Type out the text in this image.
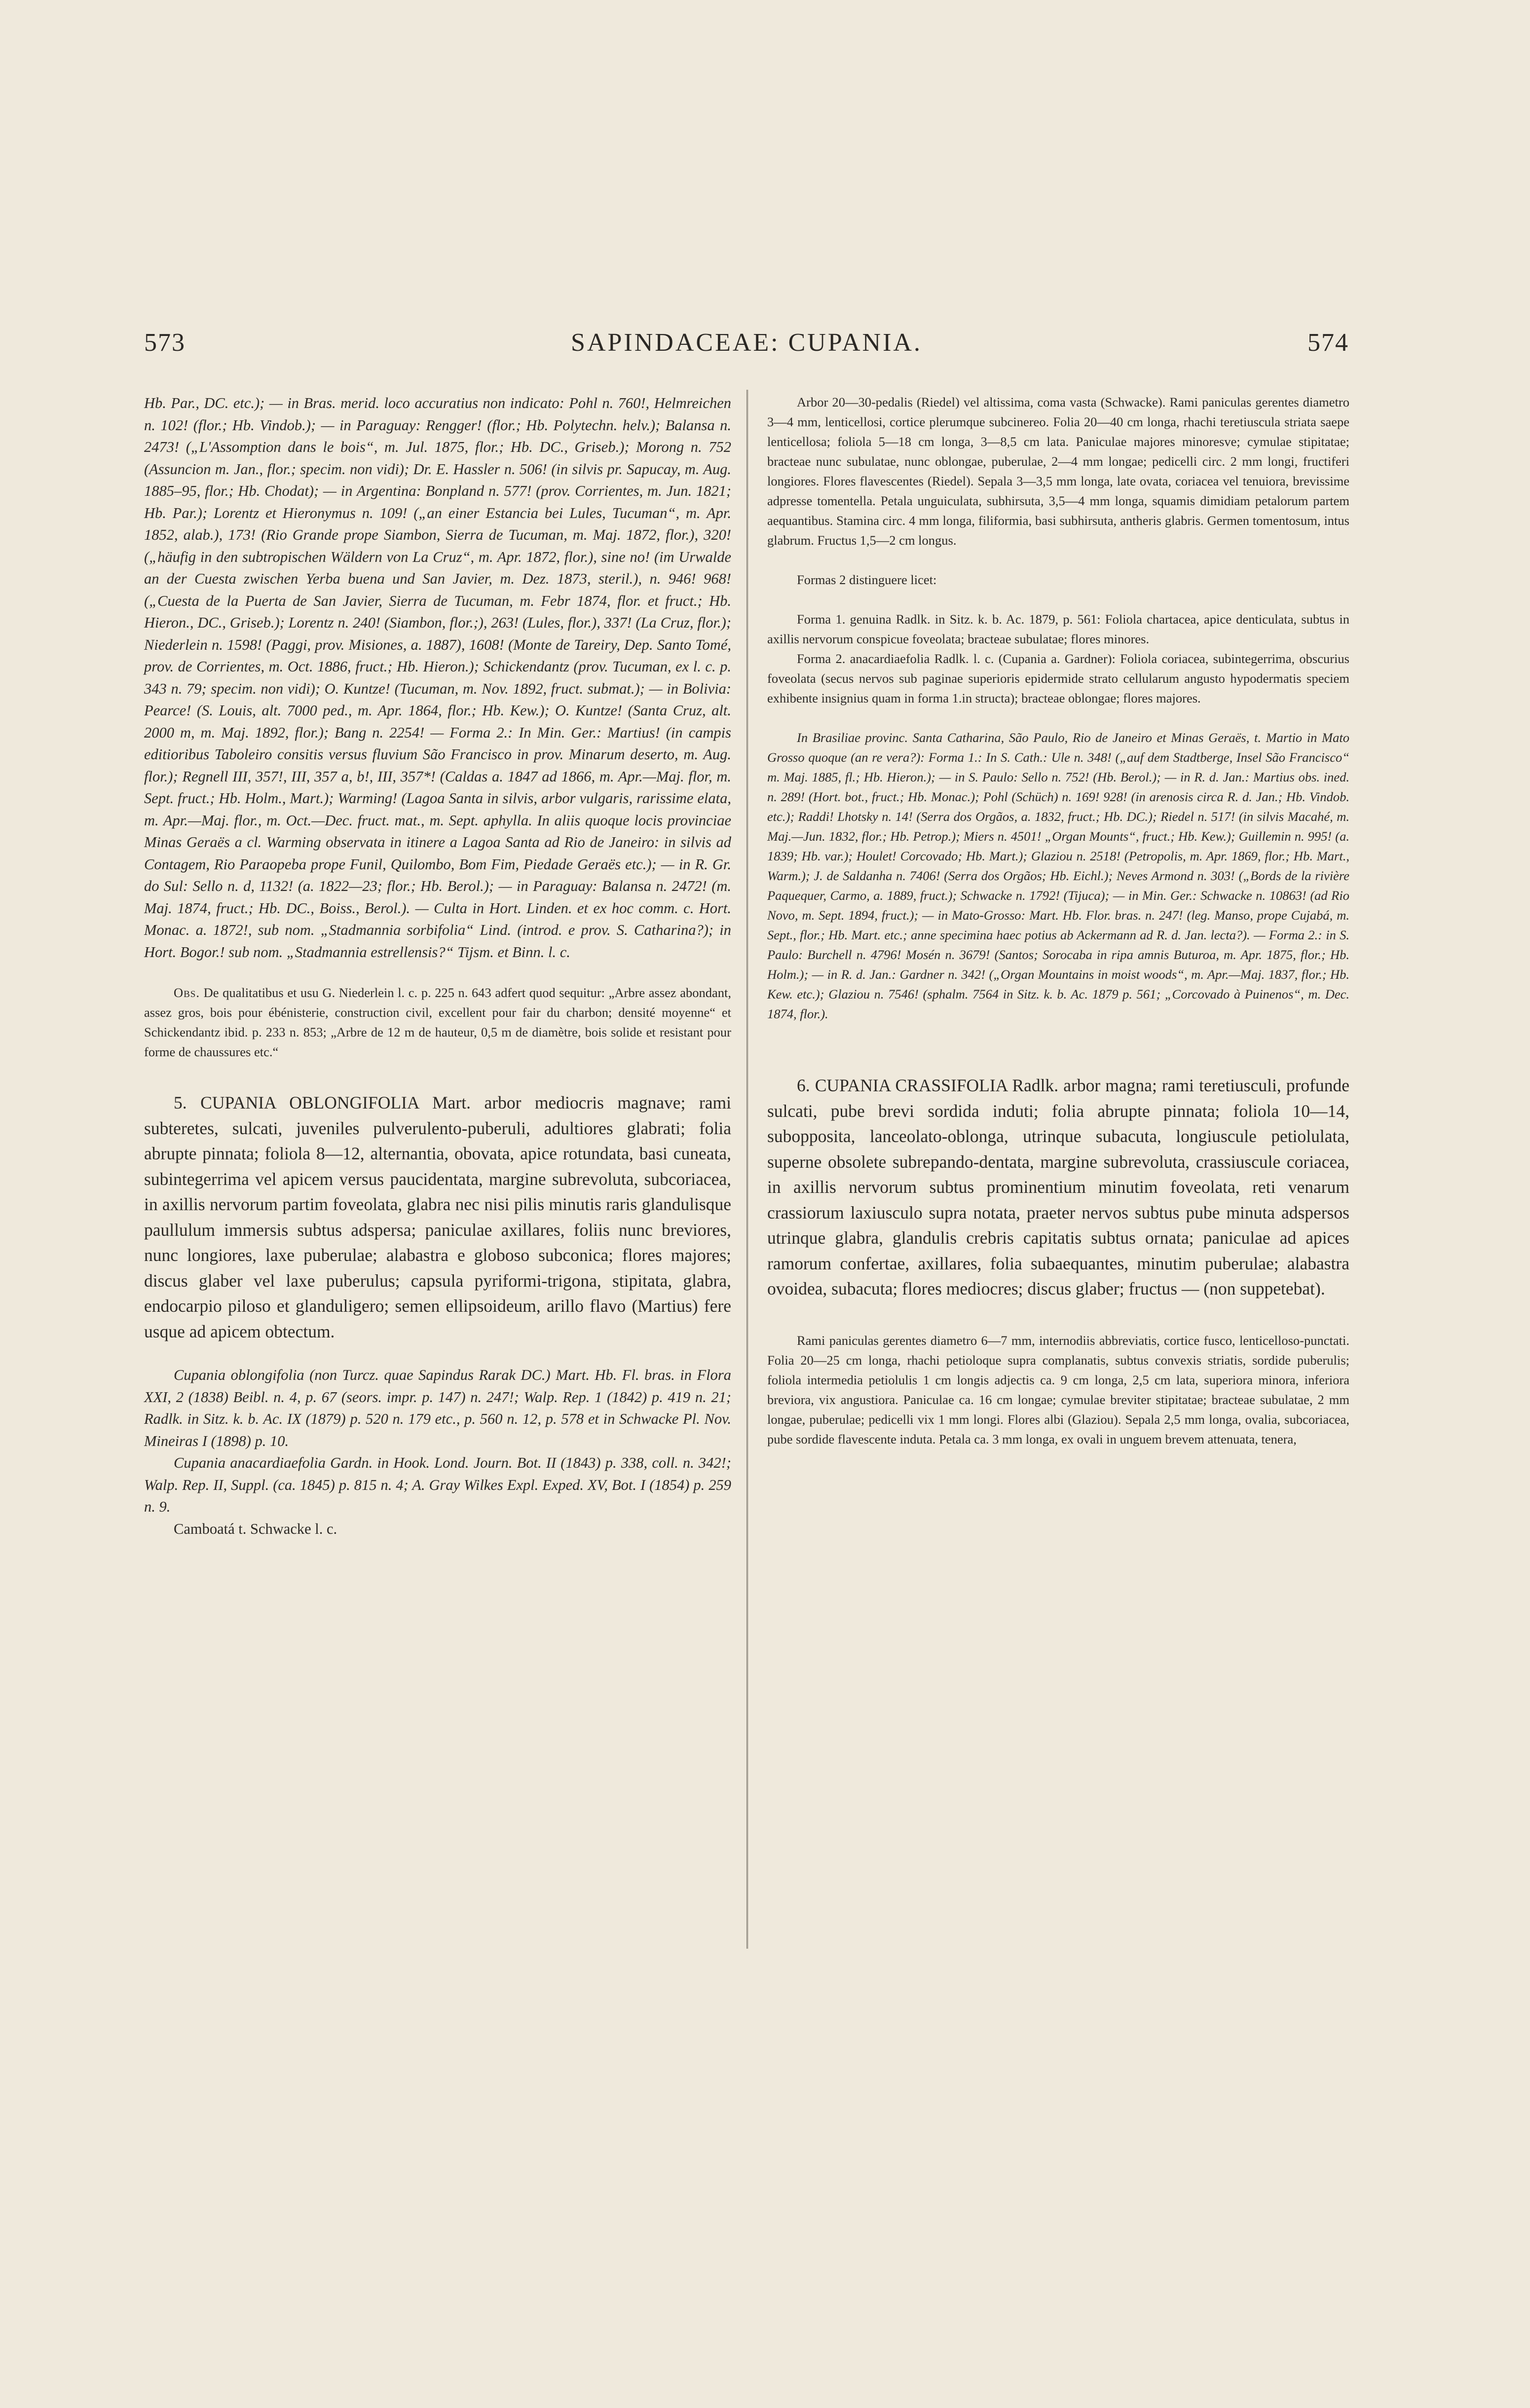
573	SAPINDACEAE: CUPANIA.	574

Hb. Par., DC. etc.); — in Bras. merid. loco accuratius non indicato: Pohl n. 760!, Helmreichen n. 102! (flor.; Hb. Vindob.); — in Paraguay: Rengger! (flor.; Hb. Polytechn. helv.); Balansa n. 2473! („L'Assomption dans le bois“, m. Jul. 1875, flor.; Hb. DC., Griseb.); Morong n. 752 (Assuncion m. Jan., flor.; specim. non vidi); Dr. E. Hassler n. 506! (in silvis pr. Sapucay, m. Aug. 1885–95, flor.; Hb. Chodat); — in Argentina: Bonpland n. 577! (prov. Corrientes, m. Jun. 1821; Hb. Par.); Lorentz et Hieronymus n. 109! („an einer Estancia bei Lules, Tucuman“, m. Apr. 1852, alab.), 173! (Rio Grande prope Siambon, Sierra de Tucuman, m. Maj. 1872, flor.), 320! („häufig in den subtropischen Wäldern von La Cruz“, m. Apr. 1872, flor.), sine no! (im Urwalde an der Cuesta zwischen Yerba buena und San Javier, m. Dez. 1873, steril.), n. 946! 968! („Cuesta de la Puerta de San Javier, Sierra de Tucuman, m. Febr 1874, flor. et fruct.; Hb. Hieron., DC., Griseb.); Lorentz n. 240! (Siambon, flor.;), 263! (Lules, flor.), 337! (La Cruz, flor.); Niederlein n. 1598! (Paggi, prov. Misiones, a. 1887), 1608! (Monte de Tareiry, Dep. Santo Tomé, prov. de Corrientes, m. Oct. 1886, fruct.; Hb. Hieron.); Schickendantz (prov. Tucuman, ex l. c. p. 343 n. 79; specim. non vidi); O. Kuntze! (Tucuman, m. Nov. 1892, fruct. submat.); — in Bolivia: Pearce! (S. Louis, alt. 7000 ped., m. Apr. 1864, flor.; Hb. Kew.); O. Kuntze! (Santa Cruz, alt. 2000 m, m. Maj. 1892, flor.); Bang n. 2254! — Forma 2.: In Min. Ger.: Martius! (in campis editioribus Taboleiro consitis versus fluvium São Francisco in prov. Minarum deserto, m. Aug. flor.); Regnell III, 357!, III, 357 a, b!, III, 357*! (Caldas a. 1847 ad 1866, m. Apr.—Maj. flor, m. Sept. fruct.; Hb. Holm., Mart.); Warming! (Lagoa Santa in silvis, arbor vulgaris, rarissime elata, m. Apr.—Maj. flor., m. Oct.—Dec. fruct. mat., m. Sept. aphylla. In aliis quoque locis provinciae Minas Geraës a cl. Warming observata in itinere a Lagoa Santa ad Rio de Janeiro: in silvis ad Contagem, Rio Paraopeba prope Funil, Quilombo, Bom Fim, Piedade Geraës etc.); — in R. Gr. do Sul: Sello n. d, 1132! (a. 1822—23; flor.; Hb. Berol.); — in Paraguay: Balansa n. 2472! (m. Maj. 1874, fruct.; Hb. DC., Boiss., Berol.). — Culta in Hort. Linden. et ex hoc comm. c. Hort. Monac. a. 1872!, sub nom. „Stadmannia sorbifolia“ Lind. (introd. e prov. S. Catharina?); in Hort. Bogor.! sub nom. „Stadmannia estrellensis?“ Tijsm. et Binn. l. c.

Obs. De qualitatibus et usu G. Niederlein l. c. p. 225 n. 643 adfert quod sequitur: „Arbre assez abondant, assez gros, bois pour ébénisterie, construction civil, excellent pour fair du charbon; densité moyenne“ et Schickendantz ibid. p. 233 n. 853; „Arbre de 12 m de hauteur, 0,5 m de diamètre, bois solide et resistant pour forme de chaussures etc.“

5. CUPANIA OBLONGIFOLIA Mart. arbor mediocris magnave; rami subteretes, sulcati, juveniles pulverulento-puberuli, adultiores glabrati; folia abrupte pinnata; foliola 8—12, alternantia, obovata, apice rotundata, basi cuneata, subintegerrima vel apicem versus paucidentata, margine subrevoluta, subcoriacea, in axillis nervorum partim foveolata, glabra nec nisi pilis minutis raris glandulisque paullulum immersis subtus adspersa; paniculae axillares, foliis nunc breviores, nunc longiores, laxe puberulae; alabastra e globoso subconica; flores majores; discus glaber vel laxe puberulus; capsula pyriformi-trigona, stipitata, glabra, endocarpio piloso et glanduligero; semen ellipsoideum, arillo flavo (Martius) fere usque ad apicem obtectum.

Cupania oblongifolia (non Turcz. quae Sapindus Rarak DC.) Mart. Hb. Fl. bras. in Flora XXI, 2 (1838) Beibl. n. 4, p. 67 (seors. impr. p. 147) n. 247!; Walp. Rep. 1 (1842) p. 419 n. 21; Radlk. in Sitz. k. b. Ac. IX (1879) p. 520 n. 179 etc., p. 560 n. 12, p. 578 et in Schwacke Pl. Nov. Mineiras I (1898) p. 10.

Cupania anacardiaefolia Gardn. in Hook. Lond. Journ. Bot. II (1843) p. 338, coll. n. 342!; Walp. Rep. II, Suppl. (ca. 1845) p. 815 n. 4; A. Gray Wilkes Expl. Exped. XV, Bot. I (1854) p. 259 n. 9.

Camboatá t. Schwacke l. c.

Arbor 20—30-pedalis (Riedel) vel altissima, coma vasta (Schwacke). Rami paniculas gerentes diametro 3—4 mm, lenticellosi, cortice plerumque subcinereo. Folia 20—40 cm longa, rhachi teretiuscula striata saepe lenticellosa; foliola 5—18 cm longa, 3—8,5 cm lata. Paniculae majores minoresve; cymulae stipitatae; bracteae nunc subulatae, nunc oblongae, puberulae, 2—4 mm longae; pedicelli circ. 2 mm longi, fructiferi longiores. Flores flavescentes (Riedel). Sepala 3—3,5 mm longa, late ovata, coriacea vel tenuiora, brevissime adpresse tomentella. Petala unguiculata, subhirsuta, 3,5—4 mm longa, squamis dimidiam petalorum partem aequantibus. Stamina circ. 4 mm longa, filiformia, basi subhirsuta, antheris glabris. Germen tomentosum, intus glabrum. Fructus 1,5—2 cm longus.

Formas 2 distinguere licet:

Forma 1. genuina Radlk. in Sitz. k. b. Ac. 1879, p. 561: Foliola chartacea, apice denticulata, subtus in axillis nervorum conspicue foveolata; bracteae subulatae; flores minores.

Forma 2. anacardiaefolia Radlk. l. c. (Cupania a. Gardner): Foliola coriacea, subintegerrima, obscurius foveolata (secus nervos sub paginae superioris epidermide strato cellularum angusto hypodermatis speciem exhibente insignius quam in forma 1.in structa); bracteae oblongae; flores majores.

In Brasiliae provinc. Santa Catharina, São Paulo, Rio de Janeiro et Minas Geraës, t. Martio in Mato Grosso quoque (an re vera?): Forma 1.: In S. Cath.: Ule n. 348! („auf dem Stadtberge, Insel São Francisco“ m. Maj. 1885, fl.; Hb. Hieron.); — in S. Paulo: Sello n. 752! (Hb. Berol.); — in R. d. Jan.: Martius obs. ined. n. 289! (Hort. bot., fruct.; Hb. Monac.); Pohl (Schüch) n. 169! 928! (in arenosis circa R. d. Jan.; Hb. Vindob. etc.); Raddi! Lhotsky n. 14! (Serra dos Orgãos, a. 1832, fruct.; Hb. DC.); Riedel n. 517! (in silvis Macahé, m. Maj.—Jun. 1832, flor.; Hb. Petrop.); Miers n. 4501! „Organ Mounts“, fruct.; Hb. Kew.); Guillemin n. 995! (a. 1839; Hb. var.); Houlet! Corcovado; Hb. Mart.); Glaziou n. 2518! (Petropolis, m. Apr. 1869, flor.; Hb. Mart., Warm.); J. de Saldanha n. 7406! (Serra dos Orgãos; Hb. Eichl.); Neves Armond n. 303! („Bords de la rivière Paquequer, Carmo, a. 1889, fruct.); Schwacke n. 1792! (Tijuca); — in Min. Ger.: Schwacke n. 10863! (ad Rio Novo, m. Sept. 1894, fruct.); — in Mato-Grosso: Mart. Hb. Flor. bras. n. 247! (leg. Manso, prope Cujabá, m. Sept., flor.; Hb. Mart. etc.; anne specimina haec potius ab Ackermann ad R. d. Jan. lecta?). — Forma 2.: in S. Paulo: Burchell n. 4796! Mosén n. 3679! (Santos; Sorocaba in ripa amnis Buturoa, m. Apr. 1875, flor.; Hb. Holm.); — in R. d. Jan.: Gardner n. 342! („Organ Mountains in moist woods“, m. Apr.—Maj. 1837, flor.; Hb. Kew. etc.); Glaziou n. 7546! (sphalm. 7564 in Sitz. k. b. Ac. 1879 p. 561; „Corcovado à Puinenos“, m. Dec. 1874, flor.).

6. CUPANIA CRASSIFOLIA Radlk. arbor magna; rami teretiusculi, profunde sulcati, pube brevi sordida induti; folia abrupte pinnata; foliola 10—14, subopposita, lanceolato-oblonga, utrinque subacuta, longiuscule petiolulata, superne obsolete subrepando-dentata, margine subrevoluta, crassiuscule coriacea, in axillis nervorum subtus prominentium minutim foveolata, reti venarum crassiorum laxiusculo supra notata, praeter nervos subtus pube minuta adspersos utrinque glabra, glandulis crebris capitatis subtus ornata; paniculae ad apices ramorum confertae, axillares, folia subaequantes, minutim puberulae; alabastra ovoidea, subacuta; flores mediocres; discus glaber; fructus — (non suppetebat).

Rami paniculas gerentes diametro 6—7 mm, internodiis abbreviatis, cortice fusco, lenticelloso-punctati. Folia 20—25 cm longa, rhachi petioloque supra complanatis, subtus convexis striatis, sordide puberulis; foliola intermedia petiolulis 1 cm longis adjectis ca. 9 cm longa, 2,5 cm lata, superiora minora, inferiora breviora, vix angustiora. Paniculae ca. 16 cm longae; cymulae breviter stipitatae; bracteae subulatae, 2 mm longae, puberulae; pedicelli vix 1 mm longi. Flores albi (Glaziou). Sepala 2,5 mm longa, ovalia, subcoriacea, pube sordide flavescente induta. Petala ca. 3 mm longa, ex ovali in unguem brevem attenuata, tenera,
